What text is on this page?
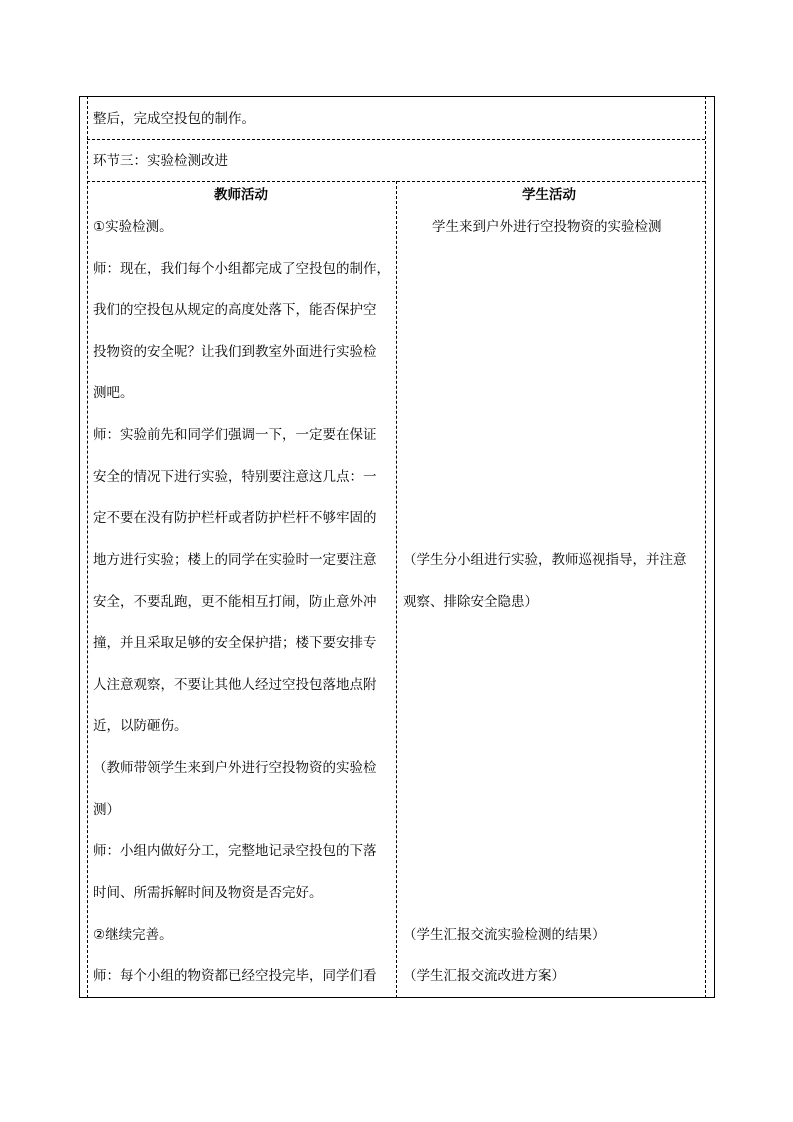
整后，完成空投包的制作。
环节三：实验检测改进
教师活动	学生活动
①实验检测。
师：现在，我们每个小组都完成了空投包的制作，
我们的空投包从规定的高度处落下，能否保护空
投物资的安全呢？让我们到教室外面进行实验检
测吧。
师：实验前先和同学们强调一下，一定要在保证
安全的情况下进行实验，特别要注意这几点：一
定不要在没有防护栏杆或者防护栏杆不够牢固的
地方进行实验；楼上的同学在实验时一定要注意
安全，不要乱跑，更不能相互打闹，防止意外冲
撞，并且采取足够的安全保护措；楼下要安排专
人注意观察，不要让其他人经过空投包落地点附
近，以防砸伤。
（教师带领学生来到户外进行空投物资的实验检
测）
师：小组内做好分工，完整地记录空投包的下落
时间、所需拆解时间及物资是否完好。
②继续完善。
师：每个小组的物资都已经空投完毕，同学们看
学生来到户外进行空投物资的实验检测
（学生分小组进行实验，教师巡视指导，并注意
观察、排除安全隐患）
（学生汇报交流实验检测的结果）
（学生汇报交流改进方案）
